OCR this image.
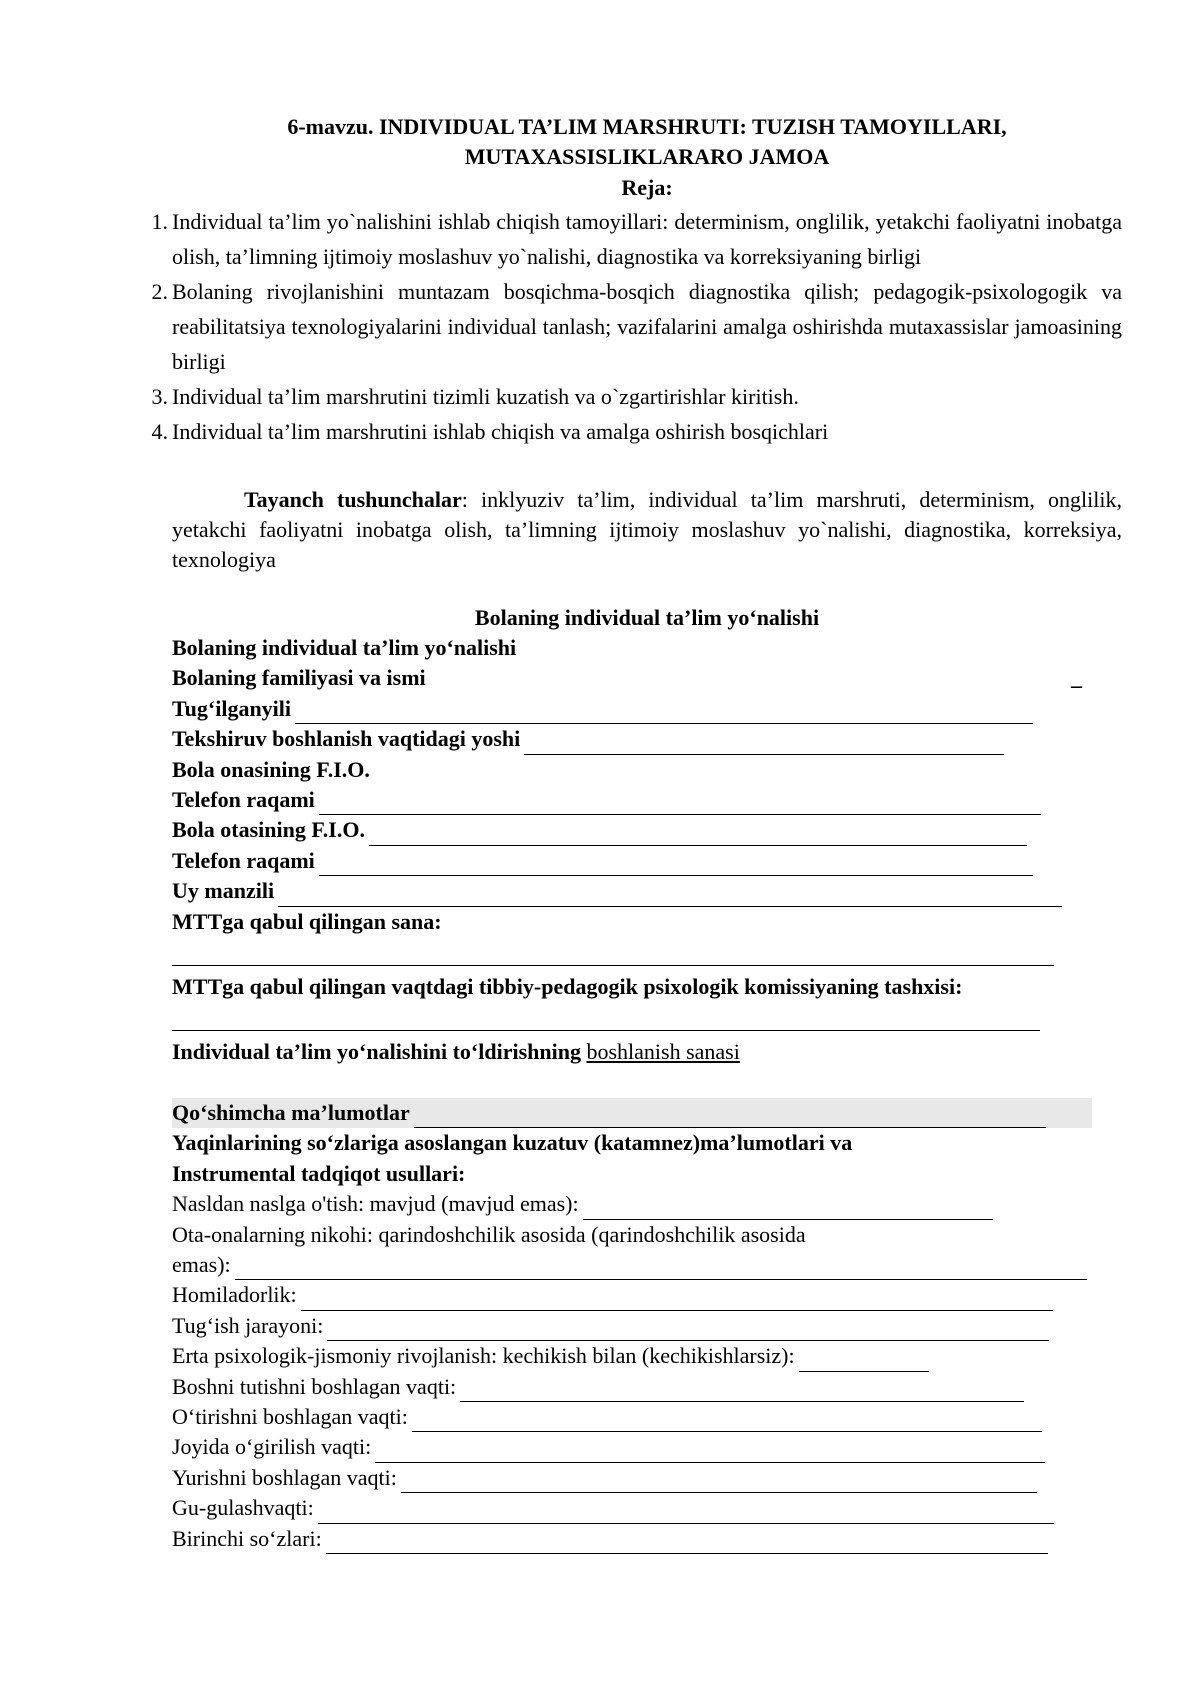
6-mavzu. INDIVIDUAL TA’LIM MARSHRUTI: TUZISH TAMOYILLARI,
MUTAXASSISLIKLARARO JAMOA
Reja:
1. Individual ta’lim yo`nalishini ishlab chiqish tamoyillari: determinism, onglilik, yetakchi faoliyatni inobatga olish, ta’limning ijtimoiy moslashuv yo`nalishi, diagnostika va korreksiyaning birligi
2. Bolaning rivojlanishini muntazam bosqichma-bosqich diagnostika qilish; pedagogik-psixologogik va reabilitatsiya texnologiyalarini individual tanlash; vazifalarini amalga oshirishda mutaxassislar jamoasining birligi
3. Individual ta’lim marshrutini tizimli kuzatish va o`zgartirishlar kiritish.
4. Individual ta’lim marshrutini ishlab chiqish va amalga oshirish bosqichlari
Tayanch tushunchalar: inklyuziv ta’lim, individual ta’lim marshruti, determinism, onglilik, yetakchi faoliyatni inobatga olish, ta’limning ijtimoiy moslashuv yo`nalishi, diagnostika, korreksiya, texnologiya
Bolaning individual ta’lim yo‘nalishi
Bolaning individual ta’lim yo‘nalishi
Bolaning familiyasi va ismi	_
Tug‘ilganyili
Tekshiruv boshlanish vaqtidagi yoshi
Bola onasining F.I.O.
Telefon raqami
Bola otasining F.I.O.
Telefon raqami
Uy manzili
MTTga qabul qilingan sana:
MTTga qabul qilingan vaqtdagi tibbiy-pedagogik psixologik komissiyaning tashxisi:
Individual ta’lim yo‘nalishini to‘ldirishning boshlanish sanasi
Qo‘shimcha ma’lumotlar
Yaqinlarining so‘zlariga asoslangan kuzatuv (katamnez)ma’lumotlari va
Instrumental tadqiqot usullari:
Nasldan naslga o'tish: mavjud (mavjud emas):
Ota-onalarning nikohi: qarindoshchilik asosida (qarindoshchilik asosida
emas):
Homiladorlik:
Tug‘ish jarayoni:
Erta psixologik-jismoniy rivojlanish: kechikish bilan (kechikishlarsiz):
Boshni tutishni boshlagan vaqti:
O‘tirishni boshlagan vaqti:
Joyida o‘girilish vaqti:
Yurishni boshlagan vaqti:
Gu-gulashvaqti:
Birinchi so‘zlari:
